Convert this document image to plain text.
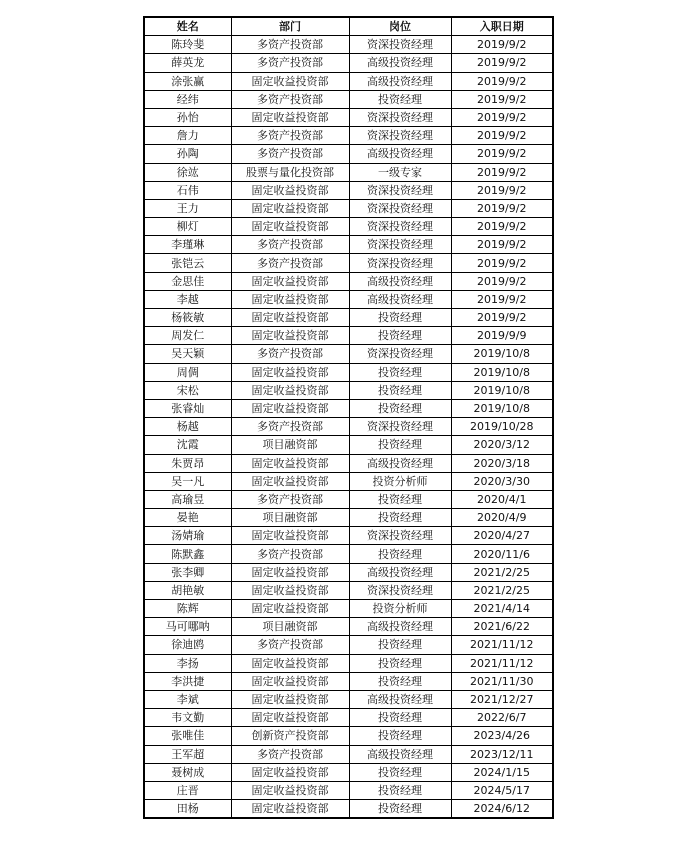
姓名	部门	岗位	入职日期
陈玲斐	多资产投资部	资深投资经理	2019/9/2
薛英龙	多资产投资部	高级投资经理	2019/9/2
涂张赢	固定收益投资部	高级投资经理	2019/9/2
经纬	多资产投资部	投资经理	2019/9/2
孙怡	固定收益投资部	资深投资经理	2019/9/2
詹力	多资产投资部	资深投资经理	2019/9/2
孙陶	多资产投资部	高级投资经理	2019/9/2
徐竑	股票与量化投资部	一级专家	2019/9/2
石伟	固定收益投资部	资深投资经理	2019/9/2
王力	固定收益投资部	资深投资经理	2019/9/2
柳灯	固定收益投资部	资深投资经理	2019/9/2
李瑾琳	多资产投资部	资深投资经理	2019/9/2
张铠云	多资产投资部	资深投资经理	2019/9/2
金思佳	固定收益投资部	高级投资经理	2019/9/2
李越	固定收益投资部	高级投资经理	2019/9/2
杨筱敏	固定收益投资部	投资经理	2019/9/2
周发仁	固定收益投资部	投资经理	2019/9/9
吴天颖	多资产投资部	资深投资经理	2019/10/8
周倜	固定收益投资部	投资经理	2019/10/8
宋松	固定收益投资部	投资经理	2019/10/8
张睿灿	固定收益投资部	投资经理	2019/10/8
杨越	多资产投资部	资深投资经理	2019/10/28
沈霞	项目融资部	投资经理	2020/3/12
朱贾昂	固定收益投资部	高级投资经理	2020/3/18
吴一凡	固定收益投资部	投资分析师	2020/3/30
高瑜昱	多资产投资部	投资经理	2020/4/1
晏艳	项目融资部	投资经理	2020/4/9
汤婧瑜	固定收益投资部	资深投资经理	2020/4/27
陈默鑫	多资产投资部	投资经理	2020/11/6
张李卿	固定收益投资部	高级投资经理	2021/2/25
胡艳敏	固定收益投资部	资深投资经理	2021/2/25
陈辉	固定收益投资部	投资分析师	2021/4/14
马可哪呐	项目融资部	高级投资经理	2021/6/22
徐迪鸥	多资产投资部	投资经理	2021/11/12
李扬	固定收益投资部	投资经理	2021/11/12
李洪捷	固定收益投资部	投资经理	2021/11/30
李斌	固定收益投资部	高级投资经理	2021/12/27
韦文勤	固定收益投资部	投资经理	2022/6/7
张唯佳	创新资产投资部	投资经理	2023/4/26
王军超	多资产投资部	高级投资经理	2023/12/11
聂树成	固定收益投资部	投资经理	2024/1/15
庄晋	固定收益投资部	投资经理	2024/5/17
田杨	固定收益投资部	投资经理	2024/6/12
